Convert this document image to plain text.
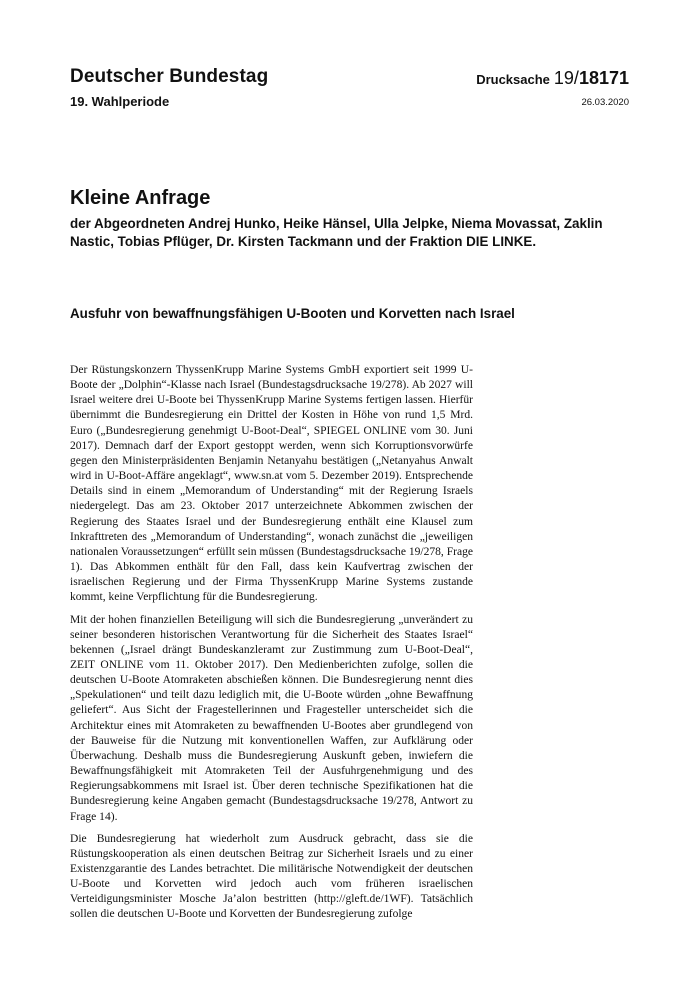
Deutscher Bundestag
19. Wahlperiode
Drucksache 19/18171
26.03.2020
Kleine Anfrage

der Abgeordneten Andrej Hunko, Heike Hänsel, Ulla Jelpke, Niema Movassat, Zaklin Nastic, Tobias Pflüger, Dr. Kirsten Tackmann und der Fraktion DIE LINKE.

Ausfuhr von bewaffnungsfähigen U-Booten und Korvetten nach Israel

Der Rüstungskonzern ThyssenKrupp Marine Systems GmbH exportiert seit 1999 U-Boote der „Dolphin“-Klasse nach Israel (Bundestagsdrucksache 19/278). Ab 2027 will Israel weitere drei U-Boote bei ThyssenKrupp Marine Systems fertigen lassen. Hierfür übernimmt die Bundesregierung ein Drittel der Kosten in Höhe von rund 1,5 Mrd. Euro („Bundesregierung genehmigt U-Boot-Deal“, SPIEGEL ONLINE vom 30. Juni 2017). Demnach darf der Export gestoppt werden, wenn sich Korruptionsvorwürfe gegen den Ministerpräsidenten Benjamin Netanyahu bestätigen („Netanyahus Anwalt wird in U-Boot-Affäre angeklagt“, www.sn.at vom 5. Dezember 2019). Entsprechende Details sind in einem „Memorandum of Understanding“ mit der Regierung Israels niedergelegt. Das am 23. Oktober 2017 unterzeichnete Abkommen zwischen der Regierung des Staates Israel und der Bundesregierung enthält eine Klausel zum Inkrafttreten des „Memorandum of Understanding“, wonach zunächst die „jeweiligen nationalen Voraussetzungen“ erfüllt sein müssen (Bundestagsdrucksache 19/278, Frage 1). Das Abkommen enthält für den Fall, dass kein Kaufvertrag zwischen der israelischen Regierung und der Firma ThyssenKrupp Marine Systems zustande kommt, keine Verpflichtung für die Bundesregierung.

Mit der hohen finanziellen Beteiligung will sich die Bundesregierung „unverändert zu seiner besonderen historischen Verantwortung für die Sicherheit des Staates Israel“ bekennen („Israel drängt Bundeskanzleramt zur Zustimmung zum U-Boot-Deal“, ZEIT ONLINE vom 11. Oktober 2017). Den Medienberichten zufolge, sollen die deutschen U-Boote Atomraketen abschießen können. Die Bundesregierung nennt dies „Spekulationen“ und teilt dazu lediglich mit, die U-Boote würden „ohne Bewaffnung geliefert“. Aus Sicht der Fragestellerinnen und Fragesteller unterscheidet sich die Architektur eines mit Atomraketen zu bewaffnenden U-Bootes aber grundlegend von der Bauweise für die Nutzung mit konventionellen Waffen, zur Aufklärung oder Überwachung. Deshalb muss die Bundesregierung Auskunft geben, inwiefern die Bewaffnungsfähigkeit mit Atomraketen Teil der Ausfuhrgenehmigung und des Regierungsabkommens mit Israel ist. Über deren technische Spezifikationen hat die Bundesregierung keine Angaben gemacht (Bundestagsdrucksache 19/278, Antwort zu Frage 14).

Die Bundesregierung hat wiederholt zum Ausdruck gebracht, dass sie die Rüstungskooperation als einen deutschen Beitrag zur Sicherheit Israels und zu einer Existenzgarantie des Landes betrachtet. Die militärische Notwendigkeit der deutschen U-Boote und Korvetten wird jedoch auch vom früheren israelischen Verteidigungsminister Mosche Ja’alon bestritten (http://gleft.de/1WF). Tatsächlich sollen die deutschen U-Boote und Korvetten der Bundesregierung zufolge
